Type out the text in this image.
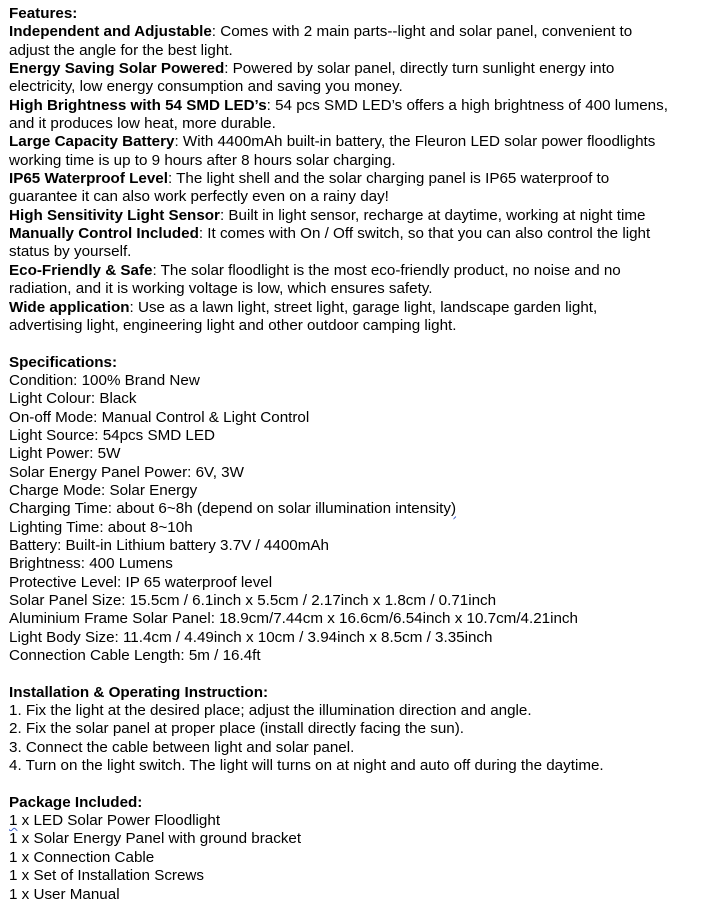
Features:
Independent and Adjustable: Comes with 2 main parts--light and solar panel, convenient to
adjust the angle for the best light.
Energy Saving Solar Powered: Powered by solar panel, directly turn sunlight energy into
electricity, low energy consumption and saving you money.
High Brightness with 54 SMD LED’s: 54 pcs SMD LED’s offers a high brightness of 400 lumens,
and it produces low heat, more durable.
Large Capacity Battery: With 4400mAh built-in battery, the Fleuron LED solar power floodlights
working time is up to 9 hours after 8 hours solar charging.
IP65 Waterproof Level: The light shell and the solar charging panel is IP65 waterproof to
guarantee it can also work perfectly even on a rainy day!
High Sensitivity Light Sensor: Built in light sensor, recharge at daytime, working at night time
Manually Control Included: It comes with On / Off switch, so that you can also control the light
status by yourself.
Eco-Friendly & Safe: The solar floodlight is the most eco-friendly product, no noise and no
radiation, and it is working voltage is low, which ensures safety.
Wide application: Use as a lawn light, street light, garage light, landscape garden light,
advertising light, engineering light and other outdoor camping light.
Specifications:
Condition: 100% Brand New
Light Colour: Black
On-off Mode: Manual Control & Light Control
Light Source: 54pcs SMD LED
Light Power: 5W
Solar Energy Panel Power: 6V, 3W
Charge Mode: Solar Energy
Charging Time: about 6~8h (depend on solar illumination intensity)
Lighting Time: about 8~10h
Battery: Built-in Lithium battery 3.7V / 4400mAh
Brightness: 400 Lumens
Protective Level: IP 65 waterproof level
Solar Panel Size: 15.5cm / 6.1inch x 5.5cm / 2.17inch x 1.8cm / 0.71inch
Aluminium Frame Solar Panel: 18.9cm/7.44cm x 16.6cm/6.54inch x 10.7cm/4.21inch
Light Body Size: 11.4cm / 4.49inch x 10cm / 3.94inch x 8.5cm / 3.35inch
Connection Cable Length: 5m / 16.4ft
Installation & Operating Instruction:
1. Fix the light at the desired place; adjust the illumination direction and angle.
2. Fix the solar panel at proper place (install directly facing the sun).
3. Connect the cable between light and solar panel.
4. Turn on the light switch. The light will turns on at night and auto off during the daytime.
Package Included:
1 x LED Solar Power Floodlight
1 x Solar Energy Panel with ground bracket
1 x Connection Cable
1 x Set of Installation Screws
1 x User Manual
